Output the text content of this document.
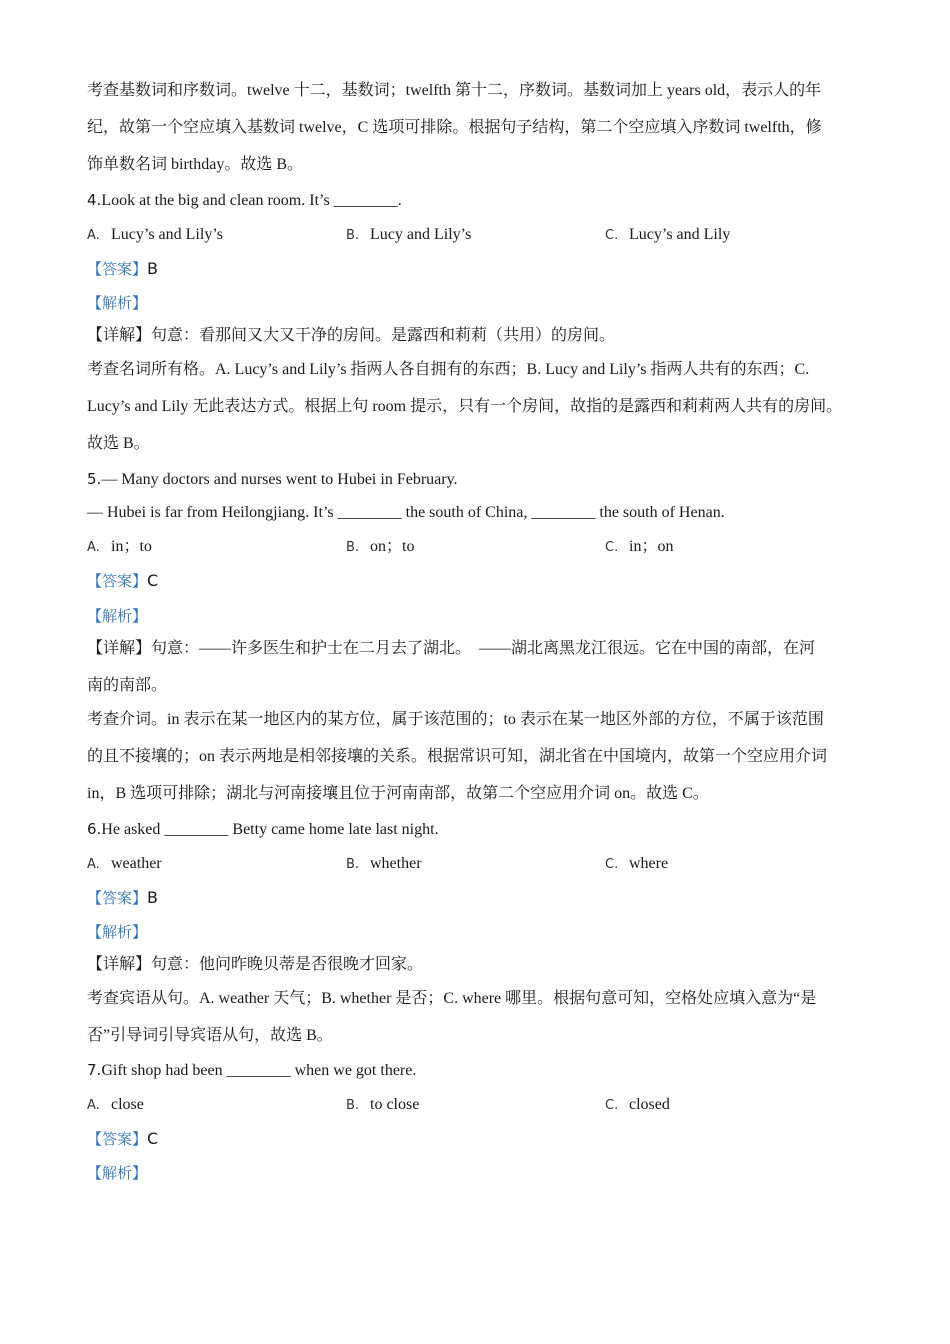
考查基数词和序数词。twelve 十二，基数词；twelfth 第十二，序数词。基数词加上 years old，表示人的年
纪，故第一个空应填入基数词 twelve，C 选项可排除。根据句子结构，第二个空应填入序数词 twelfth，修
饰单数名词 birthday。故选 B。
4.Look at the big and clean room. It’s ________.
A. Lucy’s and Lily’s	B. Lucy and Lily’s	C. Lucy’s and Lily
【答案】B
【解析】
【详解】句意：看那间又大又干净的房间。是露西和莉莉（共用）的房间。
考查名词所有格。A. Lucy’s and Lily’s 指两人各自拥有的东西；B. Lucy and Lily’s 指两人共有的东西；C.
Lucy’s and Lily 无此表达方式。根据上句 room 提示，只有一个房间，故指的是露西和莉莉两人共有的房间。
故选 B。
5.— Many doctors and nurses went to Hubei in February.
— Hubei is far from Heilongjiang. It’s ________ the south of China, ________ the south of Henan.
A. in；to	B. on；to	C. in；on
【答案】C
【解析】
【详解】句意：——许多医生和护士在二月去了湖北。　——湖北离黑龙江很远。它在中国的南部，在河
南的南部。
考查介词。in 表示在某一地区内的某方位，属于该范围的；to 表示在某一地区外部的方位，不属于该范围
的且不接壤的；on 表示两地是相邻接壤的关系。根据常识可知，湖北省在中国境内，故第一个空应用介词
in，B 选项可排除；湖北与河南接壤且位于河南南部，故第二个空应用介词 on。故选 C。
6.He asked ________ Betty came home late last night.
A. weather	B. whether	C. where
【答案】B
【解析】
【详解】句意：他问昨晚贝蒂是否很晚才回家。
考查宾语从句。A. weather 天气；B. whether 是否；C. where 哪里。根据句意可知，空格处应填入意为“是
否”引导词引导宾语从句，故选 B。
7.Gift shop had been ________ when we got there.
A. close	B. to close	C. closed
【答案】C
【解析】
